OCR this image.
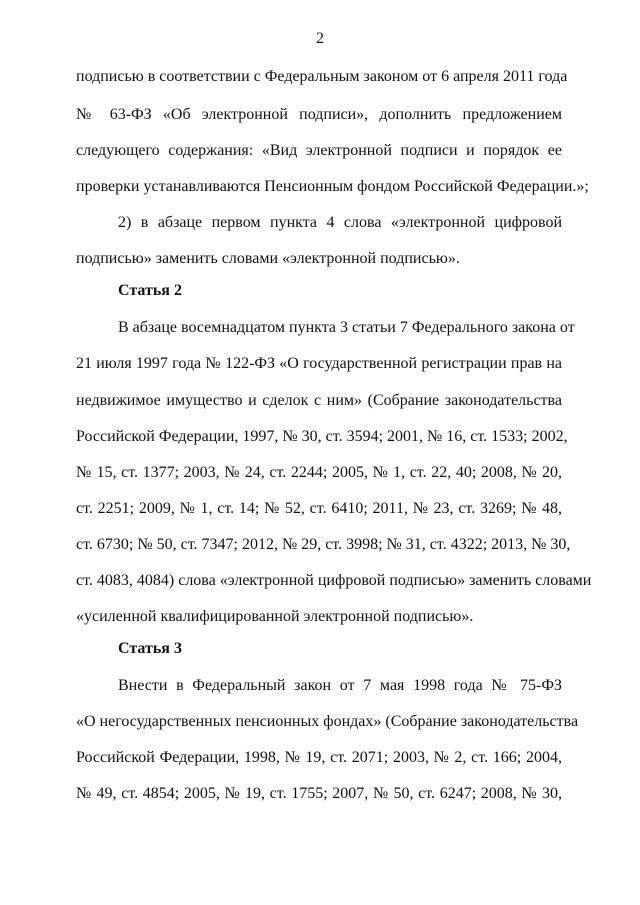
2
подписью в соответствии с Федеральным законом от 6 апреля 2011 года
№ 63-ФЗ «Об электронной подписи», дополнить предложением
следующего содержания: «Вид электронной подписи и порядок ее
проверки устанавливаются Пенсионным фондом Российской Федерации.»;
2) в абзаце первом пункта 4 слова «электронной цифровой
подписью» заменить словами «электронной подписью».
Статья 2
В абзаце восемнадцатом пункта 3 статьи 7 Федерального закона от
21 июля 1997 года № 122-ФЗ «О государственной регистрации прав на
недвижимое имущество и сделок с ним» (Собрание законодательства
Российской Федерации, 1997, № 30, ст. 3594; 2001, № 16, ст. 1533; 2002,
№ 15, ст. 1377; 2003, № 24, ст. 2244; 2005, № 1, ст. 22, 40; 2008, № 20,
ст. 2251; 2009, № 1, ст. 14; № 52, ст. 6410; 2011, № 23, ст. 3269; № 48,
ст. 6730; № 50, ст. 7347; 2012, № 29, ст. 3998; № 31, ст. 4322; 2013, № 30,
ст. 4083, 4084) слова «электронной цифровой подписью» заменить словами
«усиленной квалифицированной электронной подписью».
Статья 3
Внести в Федеральный закон от 7 мая 1998 года № 75-ФЗ
«О негосударственных пенсионных фондах» (Собрание законодательства
Российской Федерации, 1998, № 19, ст. 2071; 2003, № 2, ст. 166; 2004,
№ 49, ст. 4854; 2005, № 19, ст. 1755; 2007, № 50, ст. 6247; 2008, № 30,
